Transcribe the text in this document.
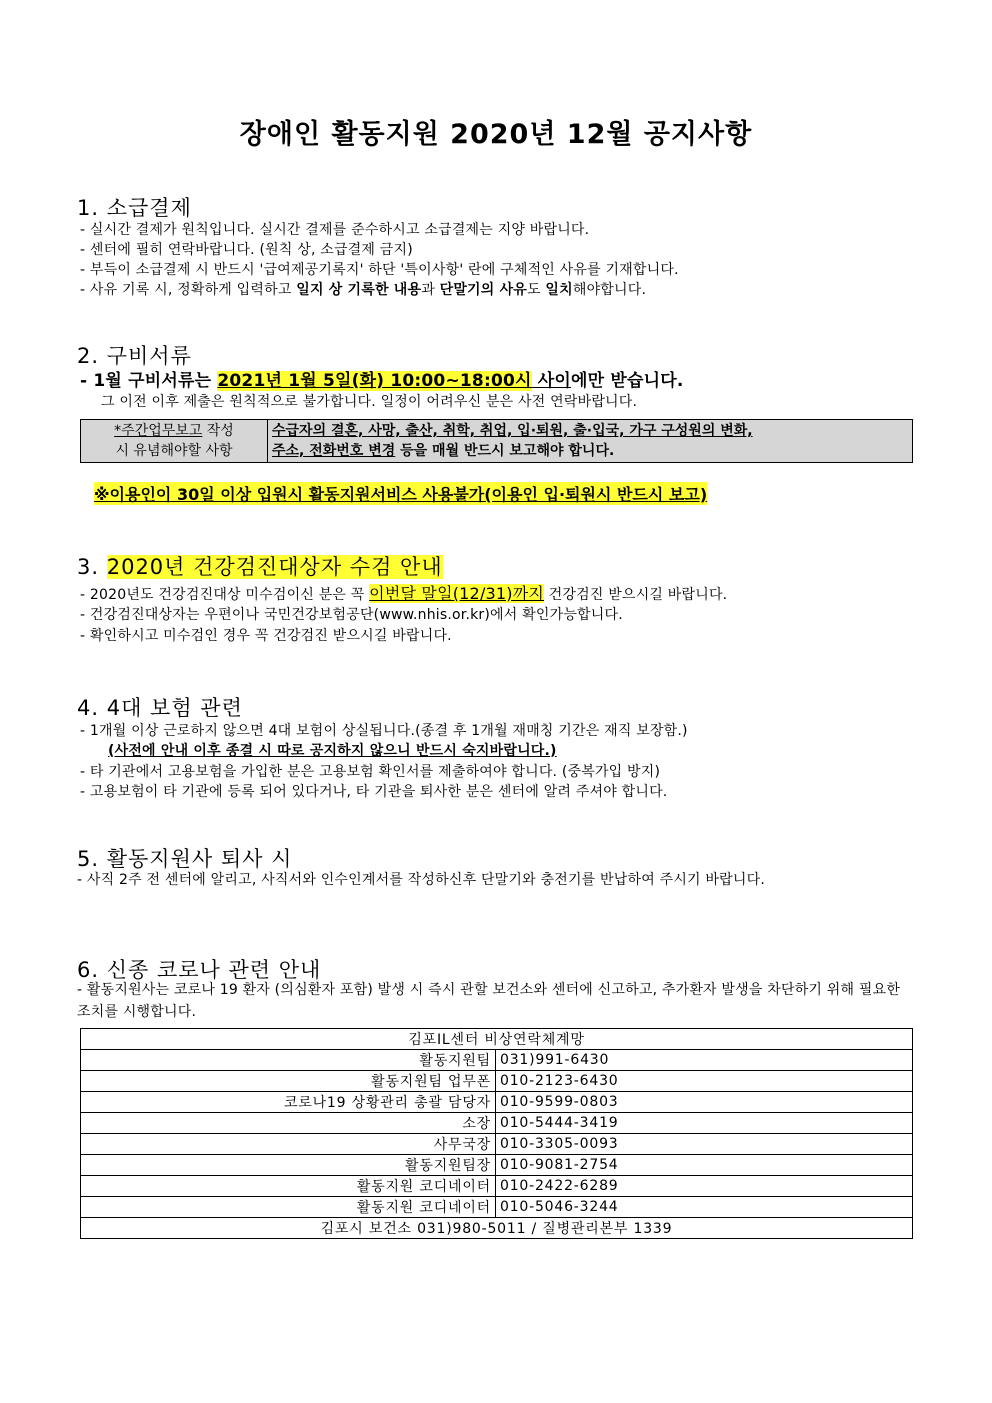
장애인 활동지원 2020년 12월 공지사항
1. 소급결제
- 실시간 결제가 원칙입니다. 실시간 결제를 준수하시고 소급결제는 지양 바랍니다.
- 센터에 필히 연락바랍니다. (원칙 상, 소급결제 금지)
- 부득이 소급결제 시 반드시 '급여제공기록지' 하단 '특이사항' 란에 구체적인 사유를 기재합니다.
- 사유 기록 시, 정확하게 입력하고 일지 상 기록한 내용과 단말기의 사유도 일치해야합니다.
2. 구비서류
- 1월 구비서류는 2021년 1월 5일(화) 10:00~18:00시 사이에만 받습니다.
그 이전 이후 제출은 원칙적으로 불가합니다. 일정이 어려우신 분은 사전 연락바랍니다.
*주간업무보고 작성
시 유념해야할 사항	수급자의 결혼, 사망, 출산, 취학, 취업, 입·퇴원, 출·입국, 가구 구성원의 변화,
주소, 전화번호 변경 등을 매월 반드시 보고해야 합니다.
※이용인이 30일 이상 입원시 활동지원서비스 사용불가(이용인 입·퇴원시 반드시 보고)
3. 2020년 건강검진대상자 수검 안내
- 2020년도 건강검진대상 미수검이신 분은 꼭 이번달 말일(12/31)까지 건강검진 받으시길 바랍니다.
- 건강검진대상자는 우편이나 국민건강보험공단(www.nhis.or.kr)에서 확인가능합니다.
- 확인하시고 미수검인 경우 꼭 건강검진 받으시길 바랍니다.
4. 4대 보험 관련
- 1개월 이상 근로하지 않으면 4대 보험이 상실됩니다.(종결 후 1개월 재매칭 기간은 재직 보장함.)
(사전에 안내 이후 종결 시 따로 공지하지 않으니 반드시 숙지바랍니다.)
- 타 기관에서 고용보험을 가입한 분은 고용보험 확인서를 제출하여야 합니다. (중복가입 방지)
- 고용보험이 타 기관에 등록 되어 있다거나, 타 기관을 퇴사한 분은 센터에 알려 주셔야 합니다.
5. 활동지원사 퇴사 시
- 사직 2주 전 센터에 알리고, 사직서와 인수인계서를 작성하신후 단말기와 충전기를 반납하여 주시기 바랍니다.
6. 신종 코로나 관련 안내
- 활동지원사는 코로나 19 환자 (의심환자 포함) 발생 시 즉시 관할 보건소와 센터에 신고하고, 추가환자 발생을 차단하기 위해 필요한 조치를 시행합니다.
김포IL센터 비상연락체계망	
활동지원팀	031)991-6430
활동지원팀 업무폰	010-2123-6430
코로나19 상황관리 총괄 담당자	010-9599-0803
소장	010-5444-3419
사무국장	010-3305-0093
활동지원팀장	010-9081-2754
활동지원 코디네이터	010-2422-6289
활동지원 코디네이터	010-5046-3244
김포시 보건소 031)980-5011 / 질병관리본부 1339	
